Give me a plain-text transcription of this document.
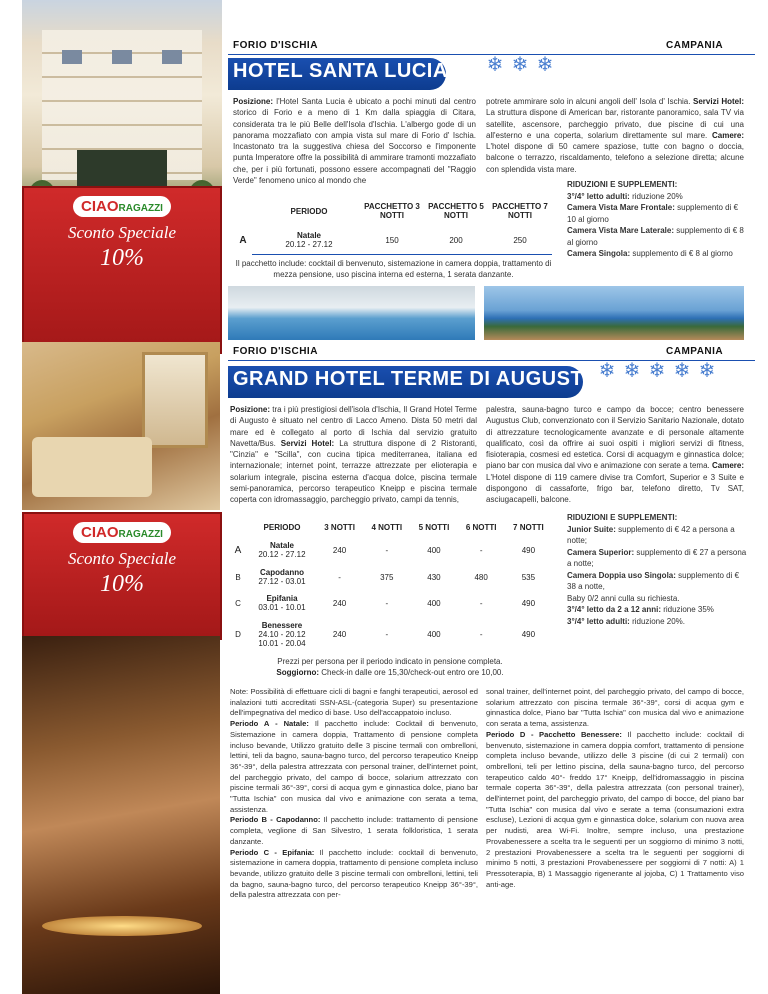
FORIO D'ISCHIA	CAMPANIA
HOTEL SANTA LUCIA ❄ ❄ ❄
Posizione: l'Hotel Santa Lucia è ubicato a pochi minuti dal centro storico di Forio e a meno di 1 Km dalla spiaggia di Citara, considerata tra le più Belle dell'Isola d'Ischia. L'albergo gode di un panorama mozzafiato con ampia vista sul mare di Forio d' Ischia. Incastonato tra la suggestiva chiesa del Soccorso e l'imponente punta Imperatore offre la possibilità di ammirare tramonti mozzafiato che, per i più fortunati, possono essere accompagnati del "Raggio Verde" fenomeno unico al mondo che
potrete ammirare solo in alcuni angoli dell' Isola d' Ischia. Servizi Hotel: La struttura dispone di American bar, ristorante panoramico, sala TV via satellite, ascensore, parcheggio privato, due piscine di cui una all'esterno e una coperta, solarium direttamente sul mare. Camere: L'hotel dispone di 50 camere spaziose, tutte con bagno o doccia, balcone o terrazzo, riscaldamento, telefono a selezione diretta; alcune con splendida vista mare.
CIAORAGAZZI
Sconto Speciale
10%
	PERIODO	PACCHETTO 3 NOTTI	PACCHETTO 5 NOTTI	PACCHETTO 7 NOTTI
A	Natale
20.12 - 27.12	150	200	250
Il pacchetto include: cocktail di benvenuto, sistemazione in camera doppia, trattamento di mezza pensione, uso piscina interna ed esterna, 1 serata danzante.
RIDUZIONI E SUPPLEMENTI:
3°/4° letto adulti: riduzione 20%
Camera Vista Mare Frontale: supplemento di € 10 al giorno
Camera Vista Mare Laterale: supplemento di € 8 al giorno
Camera Singola: supplemento di € 8 al giorno
FORIO D'ISCHIA	CAMPANIA
GRAND HOTEL TERME DI AUGUSTO ❄ ❄ ❄ ❄ ❄
Posizione: tra i più prestigiosi dell'isola d'Ischia, Il Grand Hotel Terme di Augusto è situato nel centro di Lacco Ameno. Dista 50 metri dal mare ed è collegato al porto di Ischia dal servizio gratuito Navetta/Bus. Servizi Hotel: La struttura dispone di 2 Ristoranti, "Cinzia" e "Scilla", con cucina tipica mediterranea, italiana ed internazionale; internet point, terrazze attrezzate per elioterapia e solarium integrale, piscina esterna d'acqua dolce, piscina termale semi-panoramica, percorso terapeutico Kneipp e piscina termale coperta con idromassaggio, parcheggio privato, campi da tennis,
palestra, sauna-bagno turco e campo da bocce; centro benessere Augustus Club, convenzionato con il Servizio Sanitario Nazionale, dotato di attrezzature tecnologicamente avanzate e di personale altamente qualificato, così da offrire ai suoi ospiti i migliori servizi di fitness, fisioterapia, cosmesi ed estetica. Corsi di acquagym e ginnastica dolce; piano bar con musica dal vivo e animazione con serate a tema. Camere: L'Hotel dispone di 119 camere divise tra Comfort, Superior e 3 Suite e dispongono di cassaforte, frigo bar, telefono diretto, Tv SAT, asciugacapelli, balcone.
CIAORAGAZZI
Sconto Speciale
10%
	PERIODO	3 NOTTI	4 NOTTI	5 NOTTI	6 NOTTI	7 NOTTI
A	Natale
20.12 - 27.12	240	-	400	-	490
B	Capodanno
27.12 - 03.01	-	375	430	480	535
C	Epifania
03.01 - 10.01	240	-	400	-	490
D	Benessere
24.10 - 20.12
10.01 - 20.04	240	-	400	-	490
Prezzi per persona per il periodo indicato in pensione completa.
Soggiorno: Check-in dalle ore 15,30/check-out entro ore 10,00.
RIDUZIONI E SUPPLEMENTI:
Junior Suite: supplemento di € 42 a persona a notte;
Camera Superior: supplemento di € 27 a persona a notte;
Camera Doppia uso Singola: supplemento di € 38 a notte,
Baby 0/2 anni culla su richiesta.
3°/4° letto da 2 a 12 anni: riduzione 35%
3°/4° letto adulti: riduzione 20%.
Note: Possibilità di effettuare cicli di bagni e fanghi terapeutici, aerosol ed inalazioni tutti accreditati SSN-ASL-(categoria Super) su presentazione dell'impegnativa del medico di base. Uso dell'accappatoio incluso.
Periodo A - Natale: Il pacchetto include: Cocktail di benvenuto, Sistemazione in camera doppia, Trattamento di pensione completa incluso bevande, Utilizzo gratuito delle 3 piscine termali con ombrelloni, lettini, teli da bagno, sauna-bagno turco, del percorso terapeutico Kneipp 36°-39°, della palestra attrezzata con personal trainer, dell'internet point, del parcheggio privato, del campo di bocce, solarium attrezzato con piscine termali 36°-39°, corsi di acqua gym e ginnastica dolce, piano bar "Tutta Ischia" con musica dal vivo e animazione con serata a tema, assistenza.
Periodo B - Capodanno: Il pacchetto include: trattamento di pensione completa, veglione di San Silvestro, 1 serata folkloristica, 1 serata danzante.
Periodo C - Epifania: Il pacchetto include: cocktail di benvenuto, sistemazione in camera doppia, trattamento di pensione completa incluso bevande, utilizzo gratuito delle 3 piscine termali con ombrelloni, lettini, teli da bagno, sauna-bagno turco, del percorso terapeutico Kneipp 36°-39°, della palestra attrezzata con per-
sonal trainer, dell'internet point, del parcheggio privato, del campo di bocce, solarium attrezzato con piscina termale 36°-39°, corsi di acqua gym e ginnastica dolce, Piano bar "Tutta Ischia" con musica dal vivo e animazione con serata a tema, assistenza.
Periodo D - Pacchetto Benessere: Il pacchetto include: cocktail di benvenuto, sistemazione in camera doppia comfort, trattamento di pensione completa incluso bevande, utilizzo delle 3 piscine (di cui 2 termali) con ombrelloni, teli per lettino piscina, della sauna-bagno turco, del percorso terapeutico caldo 40°- freddo 17° Kneipp, dell'idromassaggio in piscina termale coperta 36°-39°, della palestra attrezzata (con personal trainer), dell'internet point, del parcheggio privato, del campo di bocce, del piano bar "Tutta Ischia" con musica dal vivo e serate a tema (consumazioni extra escluse), Lezioni di acqua gym e ginnastica dolce, solarium con nuova area per nudisti, area Wi-Fi. Inoltre, sempre incluso, una prestazione Provabenessere a scelta tra le seguenti per un soggiorno di minimo 3 notti, 2 prestazioni Provabenessere a scelta tra le seguenti per soggiorni di minimo 5 notti, 3 prestazioni Provabenessere per soggiorni di 7 notti: A) 1 Pressoterapia, B) 1 Massaggio rigenerante al jojoba, C) 1 Trattamento viso anti-age.
